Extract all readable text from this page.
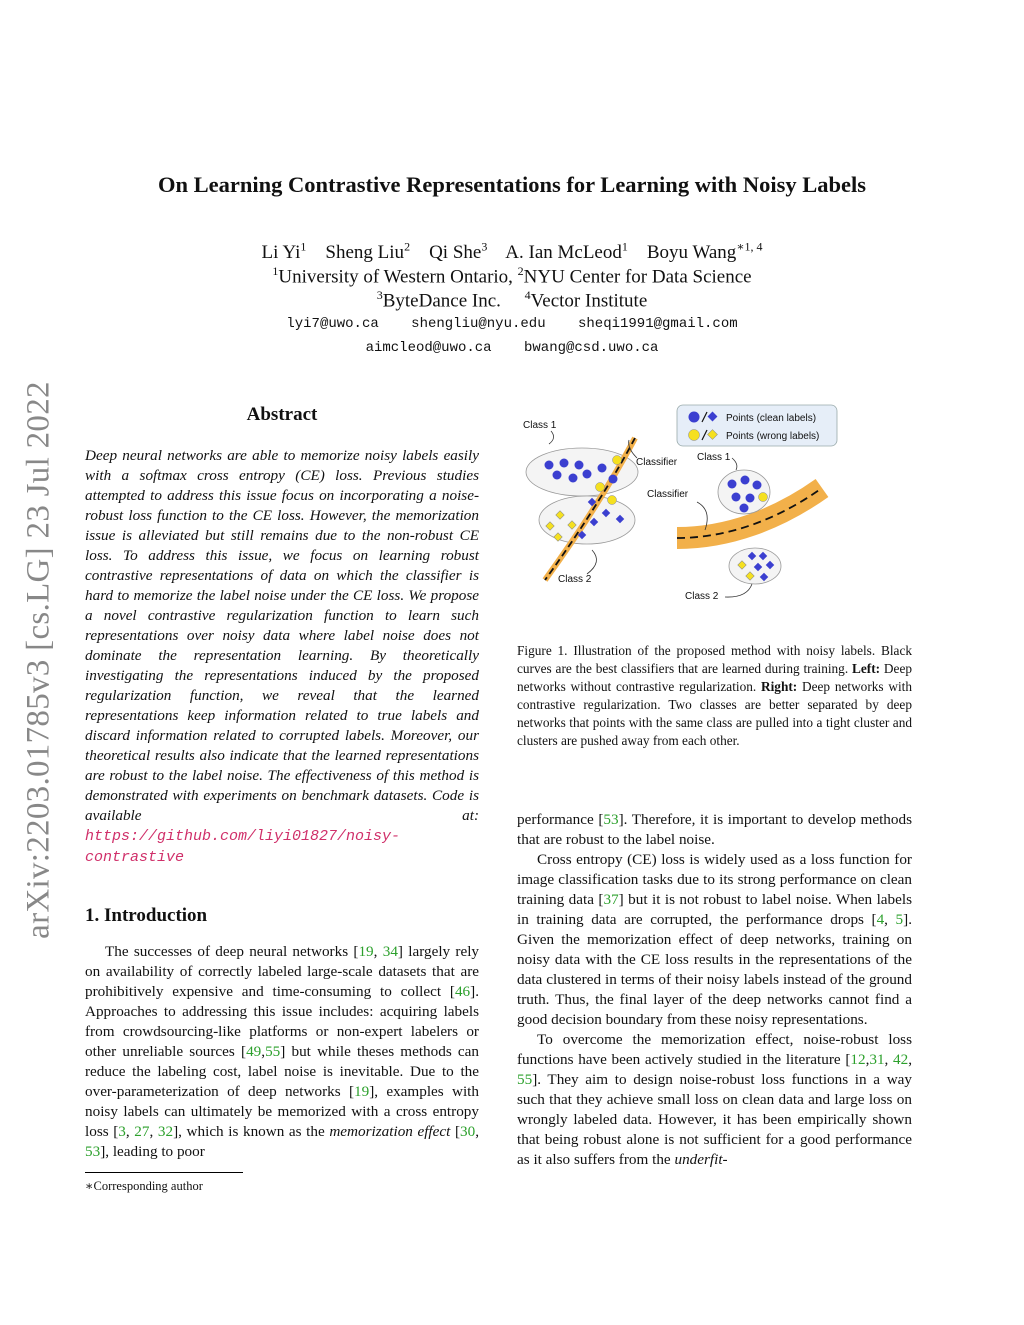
arXiv:2203.01785v3 [cs.LG] 23 Jul 2022
On Learning Contrastive Representations for Learning with Noisy Labels
Li Yi$^1$ Sheng Liu$^2$ Qi She$^3$ A. Ian McLeod$^1$ Boyu Wang$^{∗1, 4}$
$^1$University of Western Ontario, $^2$NYU Center for Data Science
$^3$ByteDance Inc. $^4$Vector Institute
lyi7@uwo.ca shengliu@nyu.edu sheqi1991@gmail.com
aimcleod@uwo.ca bwang@csd.uwo.ca
Abstract
Deep neural networks are able to memorize noisy labels easily with a softmax cross entropy (CE) loss. Previous studies attempted to address this issue focus on incorporating a noise-robust loss function to the CE loss. However, the memorization issue is alleviated but still remains due to the non-robust CE loss. To address this issue, we focus on learning robust contrastive representations of data on which the classifier is hard to memorize the label noise under the CE loss. We propose a novel contrastive regularization function to learn such representations over noisy data where label noise does not dominate the representation learning. By theoretically investigating the representations induced by the proposed regularization function, we reveal that the learned representations keep information related to true labels and discard information related to corrupted labels. Moreover, our theoretical results also indicate that the learned representations are robust to the label noise. The effectiveness of this method is demonstrated with experiments on benchmark datasets. Code is available at: https://github.com/liyi01827/noisy-contrastive
1. Introduction

The successes of deep neural networks [19, 34] largely rely on availability of correctly labeled large-scale datasets that are prohibitively expensive and time-consuming to collect [46]. Approaches to addressing this issue includes: acquiring labels from crowdsourcing-like platforms or non-expert labelers or other unreliable sources [49,55] but while theses methods can reduce the labeling cost, label noise is inevitable. Due to the over-parameterization of deep networks [19], examples with noisy labels can ultimately be memorized with a cross entropy loss [3, 27, 32], which is known as the memorization effect [30, 53], leading to poor

∗Corresponding author
Points (clean labels)
Points (wrong labels)
Class 1
Class 2
Classifier
Classifier
Class 1
Class 2
Figure 1. Illustration of the proposed method with noisy labels. Black curves are the best classifiers that are learned during training. Left: Deep networks without contrastive regularization. Right: Deep networks with contrastive regularization. Two classes are better separated by deep networks that points with the same class are pulled into a tight cluster and clusters are pushed away from each other.

performance [53]. Therefore, it is important to develop methods that are robust to the label noise.

Cross entropy (CE) loss is widely used as a loss function for image classification tasks due to its strong performance on clean training data [37] but it is not robust to label noise. When labels in training data are corrupted, the performance drops [4, 5]. Given the memorization effect of deep networks, training on noisy data with the CE loss results in the representations of the data clustered in terms of their noisy labels instead of the ground truth. Thus, the final layer of the deep networks cannot find a good decision boundary from these noisy representations.

To overcome the memorization effect, noise-robust loss functions have been actively studied in the literature [12,31, 42, 55]. They aim to design noise-robust loss functions in a way such that they achieve small loss on clean data and large loss on wrongly labeled data. However, it has been empirically shown that being robust alone is not sufficient for a good performance as it also suffers from the underfit-
